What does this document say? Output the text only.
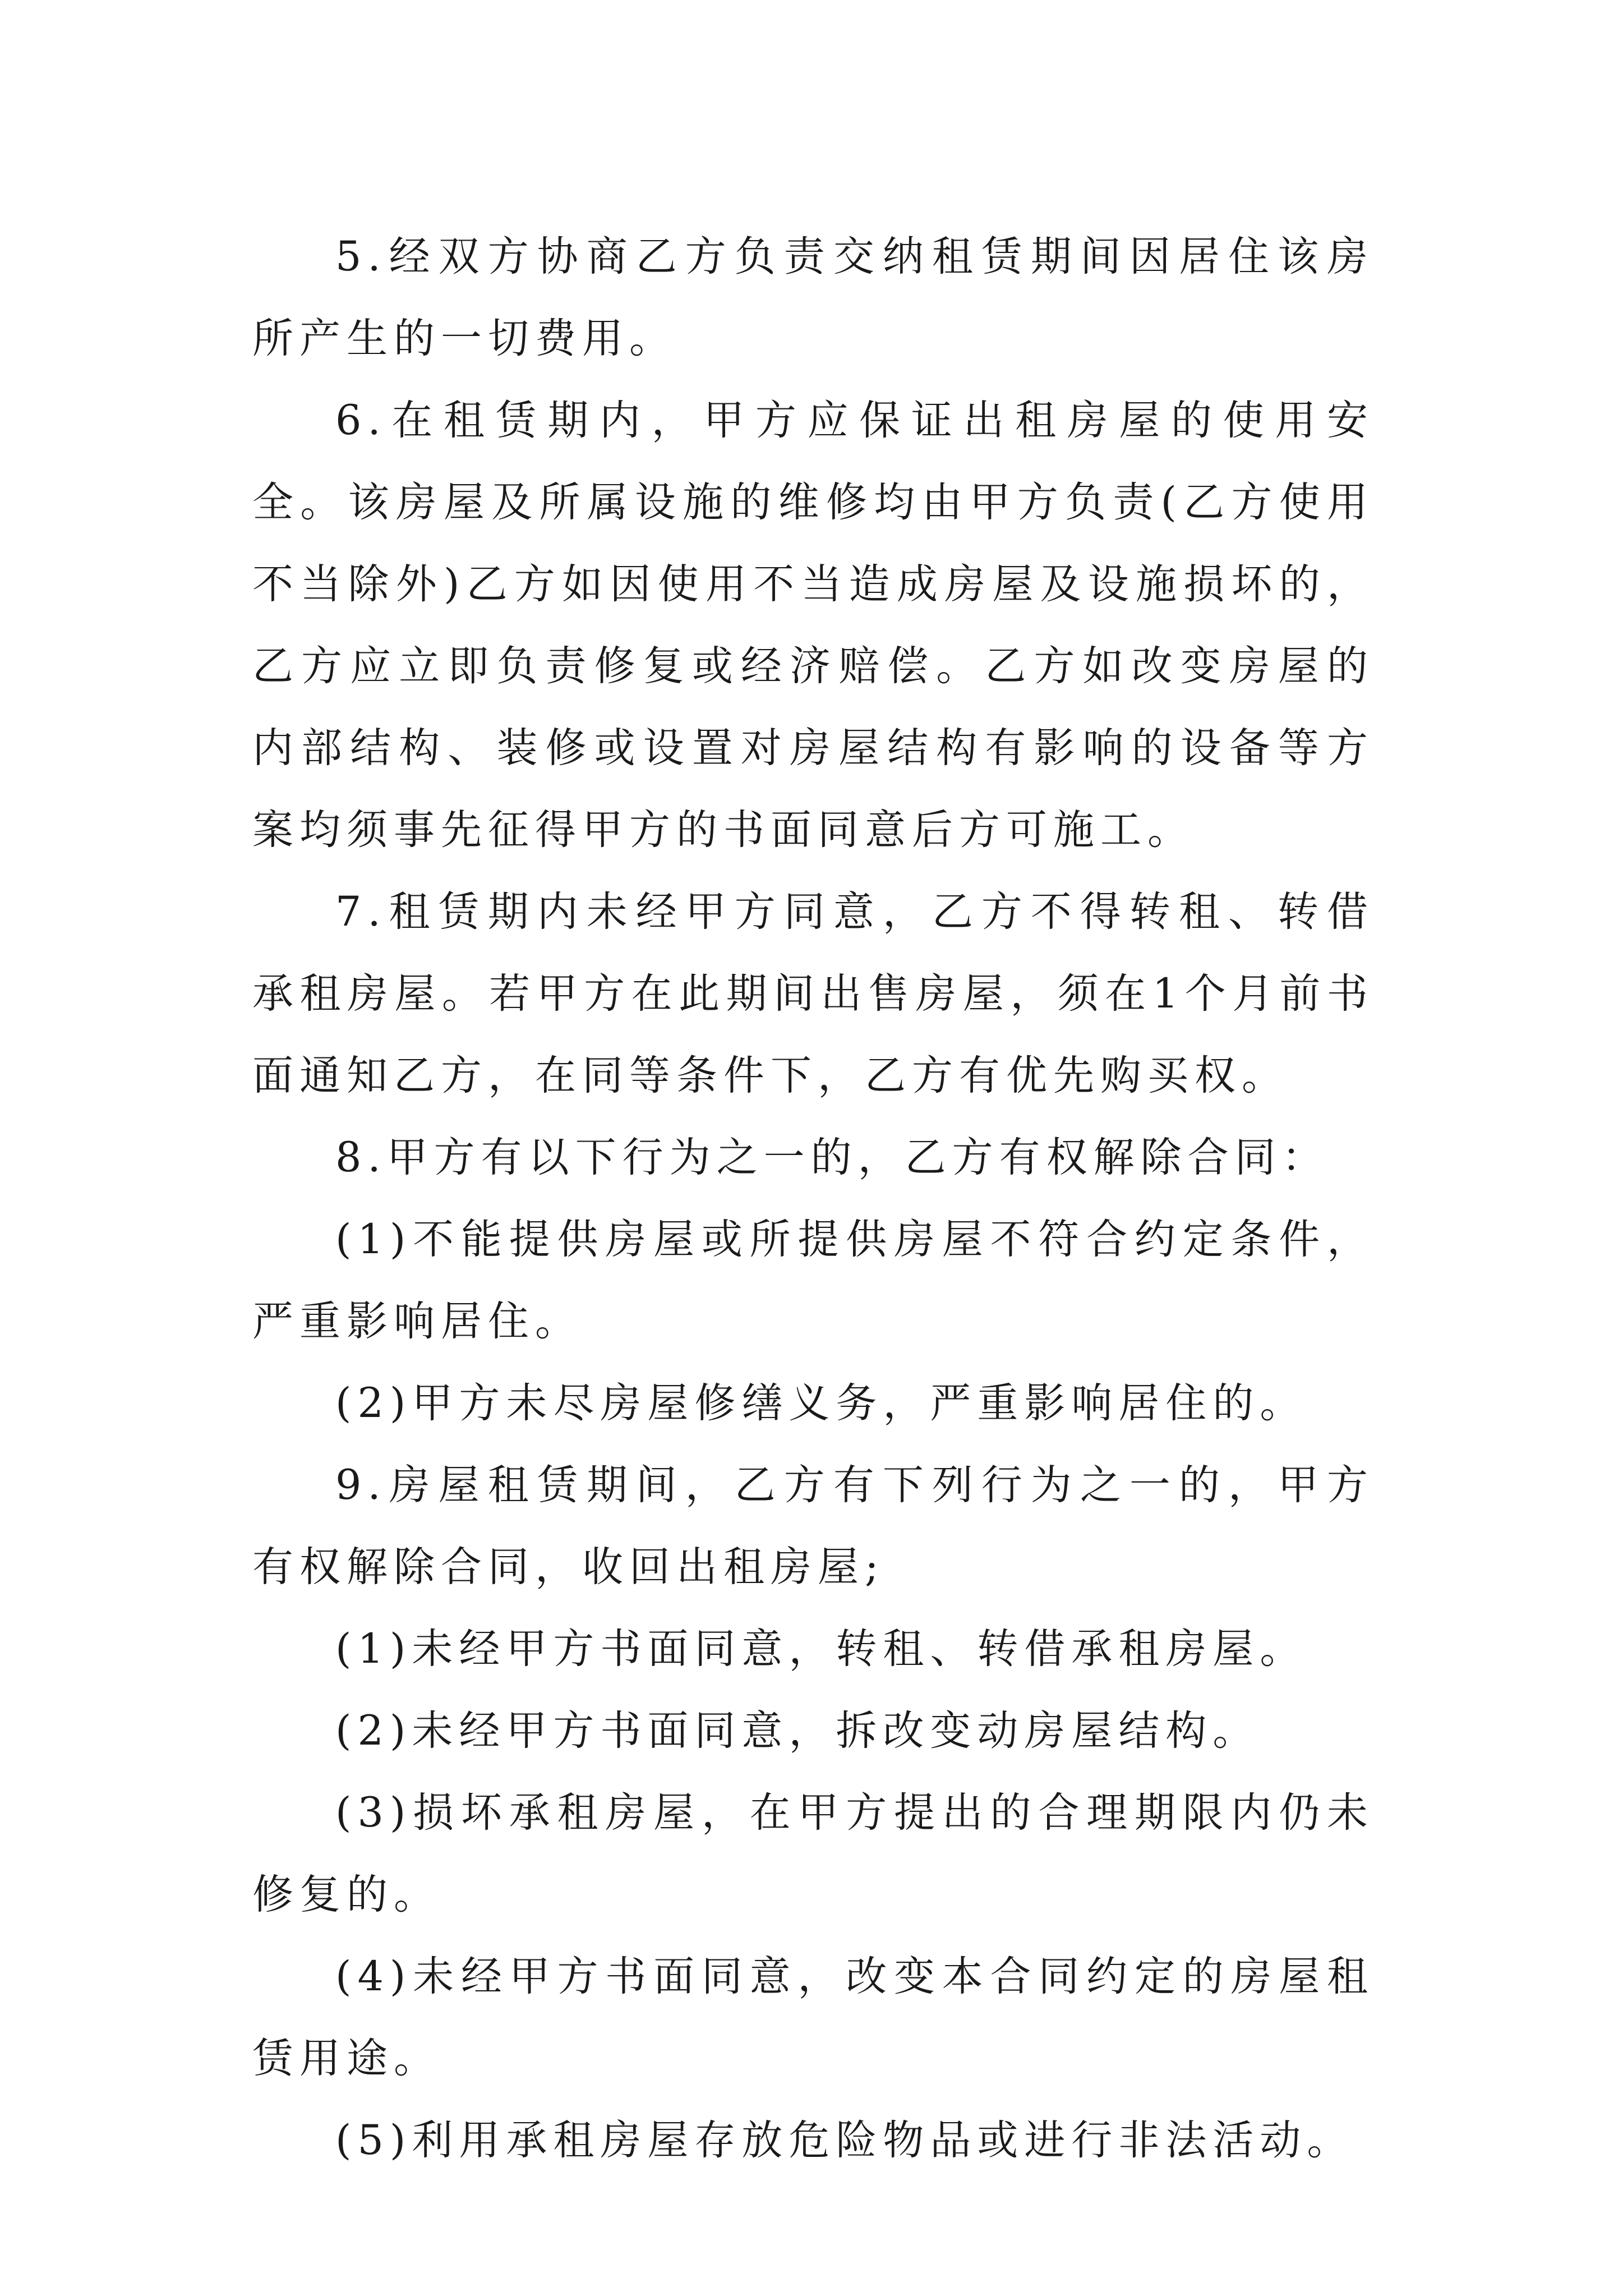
5.经双方协商乙方负责交纳租赁期间因居住该房所产生的一切费用。

6.在租赁期内，甲方应保证出租房屋的使用安全。该房屋及所属设施的维修均由甲方负责(乙方使用不当除外)乙方如因使用不当造成房屋及设施损坏的，乙方应立即负责修复或经济赔偿。乙方如改变房屋的内部结构、装修或设置对房屋结构有影响的设备等方案均须事先征得甲方的书面同意后方可施工。

7.租赁期内未经甲方同意，乙方不得转租、转借承租房屋。若甲方在此期间出售房屋，须在1个月前书面通知乙方，在同等条件下，乙方有优先购买权。

8.甲方有以下行为之一的，乙方有权解除合同：

(1)不能提供房屋或所提供房屋不符合约定条件，严重影响居住。

(2)甲方未尽房屋修缮义务，严重影响居住的。

9.房屋租赁期间，乙方有下列行为之一的，甲方有权解除合同，收回出租房屋;

(1)未经甲方书面同意，转租、转借承租房屋。

(2)未经甲方书面同意，拆改变动房屋结构。

(3)损坏承租房屋，在甲方提出的合理期限内仍未修复的。

(4)未经甲方书面同意，改变本合同约定的房屋租赁用途。

(5)利用承租房屋存放危险物品或进行非法活动。
